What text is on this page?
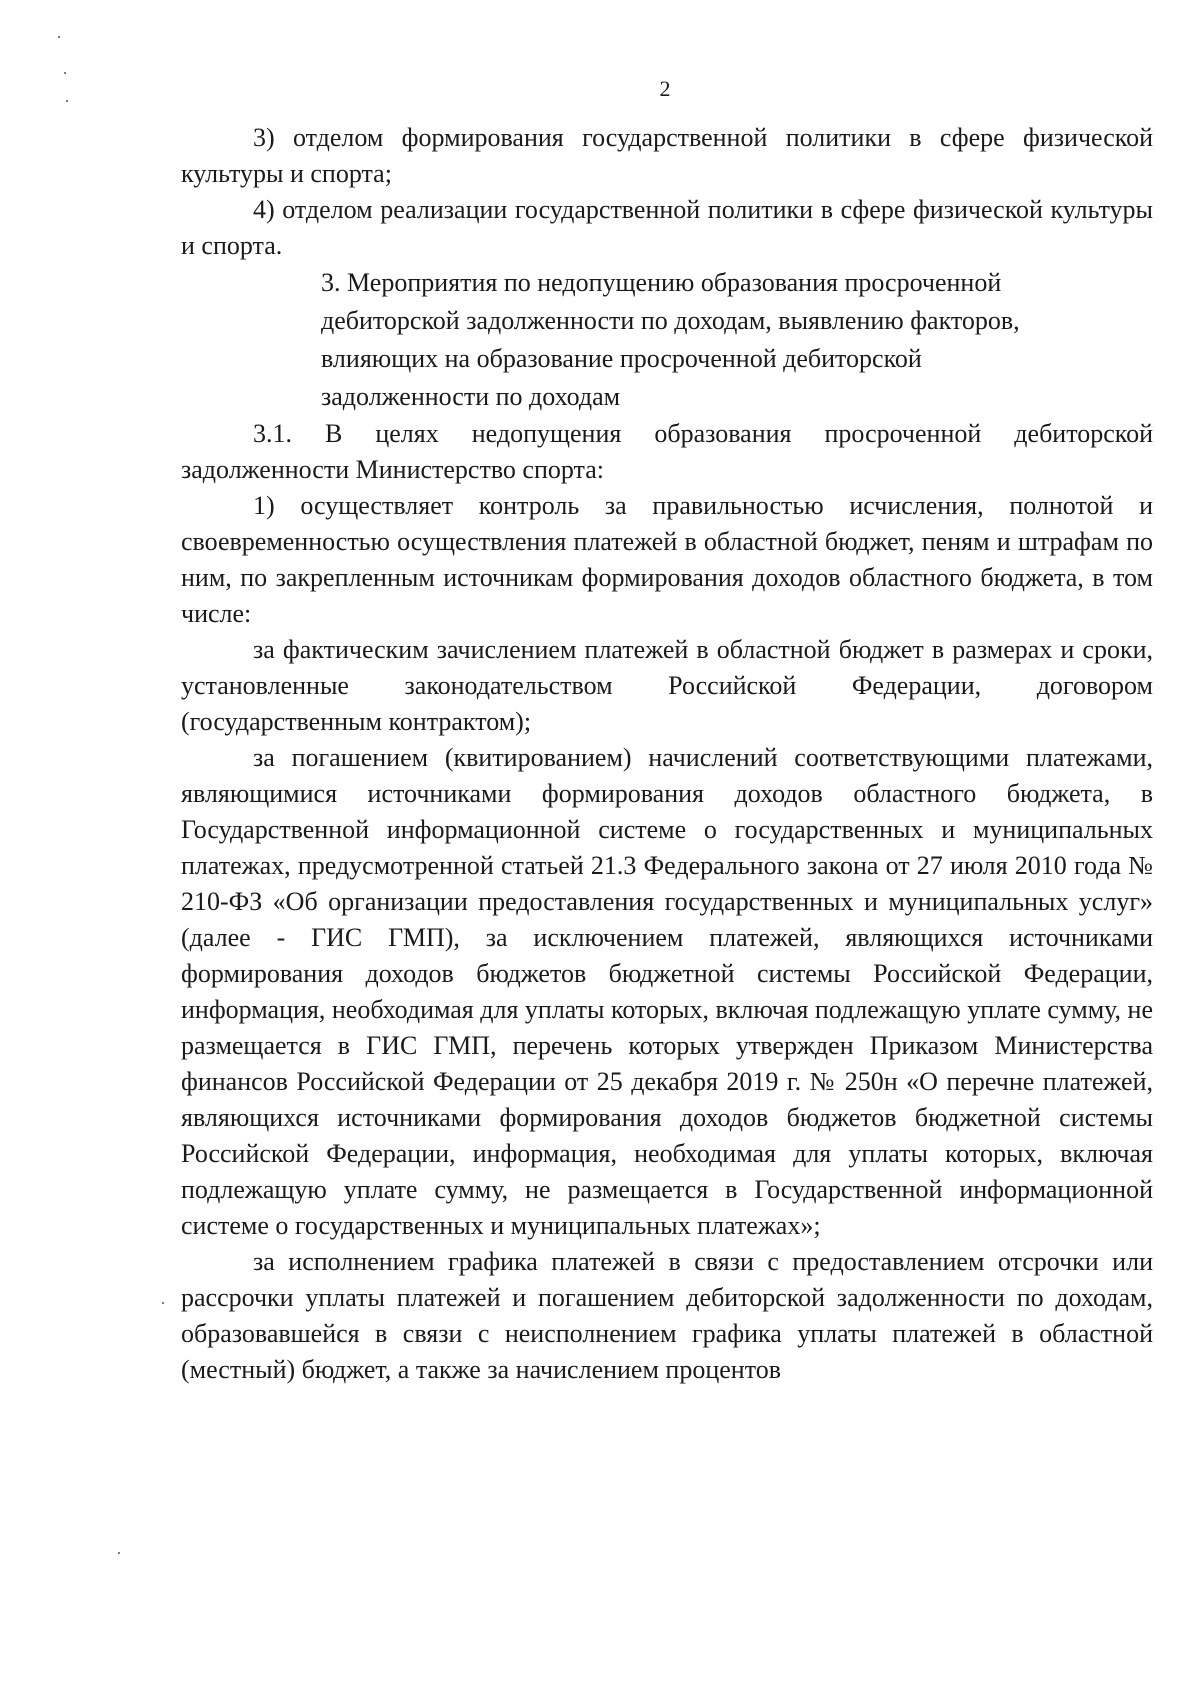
2

3) отделом формирования государственной политики в сфере физической культуры и спорта;

4) отделом реализации государственной политики в сфере физической культуры и спорта.

3. Мероприятия по недопущению образования просроченной
дебиторской задолженности по доходам, выявлению факторов,
влияющих на образование просроченной дебиторской
задолженности по доходам

3.1. В целях недопущения образования просроченной дебиторской задолженности Министерство спорта:

1) осуществляет контроль за правильностью исчисления, полнотой и своевременностью осуществления платежей в областной бюджет, пеням и штрафам по ним, по закрепленным источникам формирования доходов областного бюджета, в том числе:

за фактическим зачислением платежей в областной бюджет в размерах и сроки, установленные законодательством Российской Федерации, договором (государственным контрактом);

за погашением (квитированием) начислений соответствующими платежами, являющимися источниками формирования доходов областного бюджета, в Государственной информационной системе о государственных и муниципальных платежах, предусмотренной статьей 21.3 Федерального закона от 27 июля 2010 года № 210-ФЗ «Об организации предоставления государственных и муниципальных услуг» (далее - ГИС ГМП), за исключением платежей, являющихся источниками формирования доходов бюджетов бюджетной системы Российской Федерации, информация, необходимая для уплаты которых, включая подлежащую уплате сумму, не размещается в ГИС ГМП, перечень которых утвержден Приказом Министерства финансов Российской Федерации от 25 декабря 2019 г. № 250н «О перечне платежей, являющихся источниками формирования доходов бюджетов бюджетной системы Российской Федерации, информация, необходимая для уплаты которых, включая подлежащую уплате сумму, не размещается в Государственной информационной системе о государственных и муниципальных платежах»;

за исполнением графика платежей в связи с предоставлением отсрочки или рассрочки уплаты платежей и погашением дебиторской задолженности по доходам, образовавшейся в связи с неисполнением графика уплаты платежей в областной (местный) бюджет, а также за начислением процентов
